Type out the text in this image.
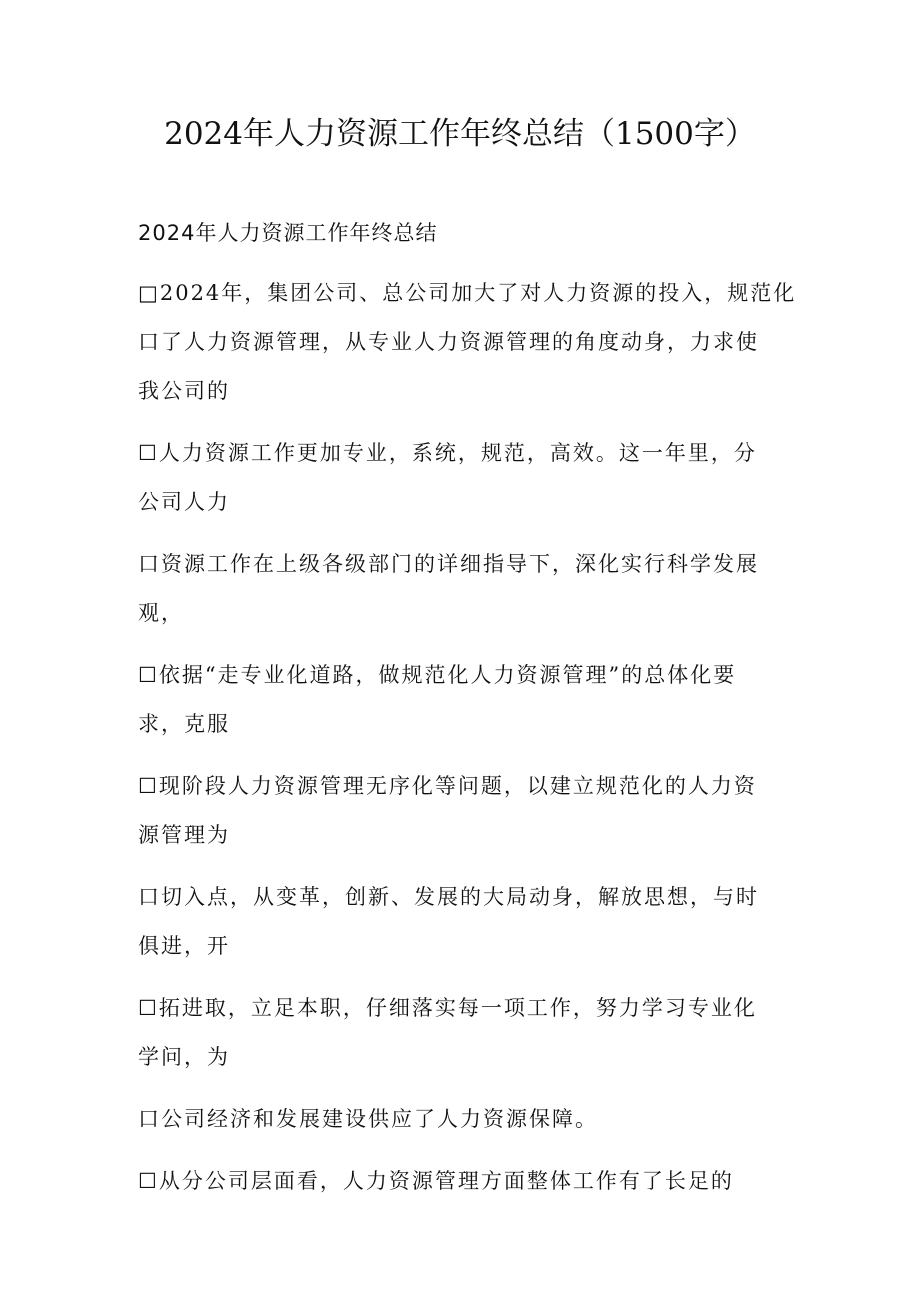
2024年人力资源工作年终总结（1500字）
2024年人力资源工作年终总结
□2024年，集团公司、总公司加大了对人力资源的投入，规范化
口了人力资源管理，从专业人力资源管理的角度动身，力求使
我公司的
☐人力资源工作更加专业，系统，规范，高效。这一年里，分
公司人力
口资源工作在上级各级部门的详细指导下，深化实行科学发展
观，
☐依据“走专业化道路，做规范化人力资源管理”的总体化要
求，克服
☐现阶段人力资源管理无序化等问题，以建立规范化的人力资
源管理为
口切入点，从变革，创新、发展的大局动身，解放思想，与时
俱进，开
☐拓进取，立足本职，仔细落实每一项工作，努力学习专业化
学问，为
口公司经济和发展建设供应了人力资源保障。
☐从分公司层面看，人力资源管理方面整体工作有了长足的
